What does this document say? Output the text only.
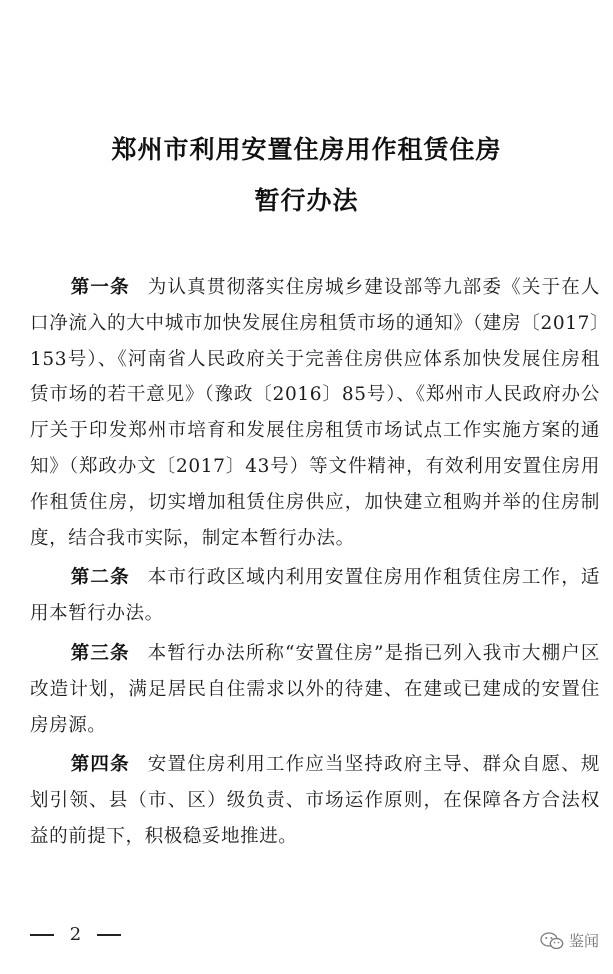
郑州市利用安置住房用作租赁住房
暂行办法

第一条 为认真贯彻落实住房城乡建设部等九部委《关于在人口净流入的大中城市加快发展住房租赁市场的通知》（建房〔2017〕153号）、《河南省人民政府关于完善住房供应体系加快发展住房租赁市场的若干意见》（豫政〔2016〕85号）、《郑州市人民政府办公厅关于印发郑州市培育和发展住房租赁市场试点工作实施方案的通知》（郑政办文〔2017〕43号）等文件精神，有效利用安置住房用作租赁住房，切实增加租赁住房供应，加快建立租购并举的住房制度，结合我市实际，制定本暂行办法。

第二条 本市行政区域内利用安置住房用作租赁住房工作，适用本暂行办法。

第三条 本暂行办法所称“安置住房”是指已列入我市大棚户区改造计划，满足居民自住需求以外的待建、在建或已建成的安置住房房源。

第四条 安置住房利用工作应当坚持政府主导、群众自愿、规划引领、县（市、区）级负责、市场运作原则，在保障各方合法权益的前提下，积极稳妥地推进。

2	鉴闻
